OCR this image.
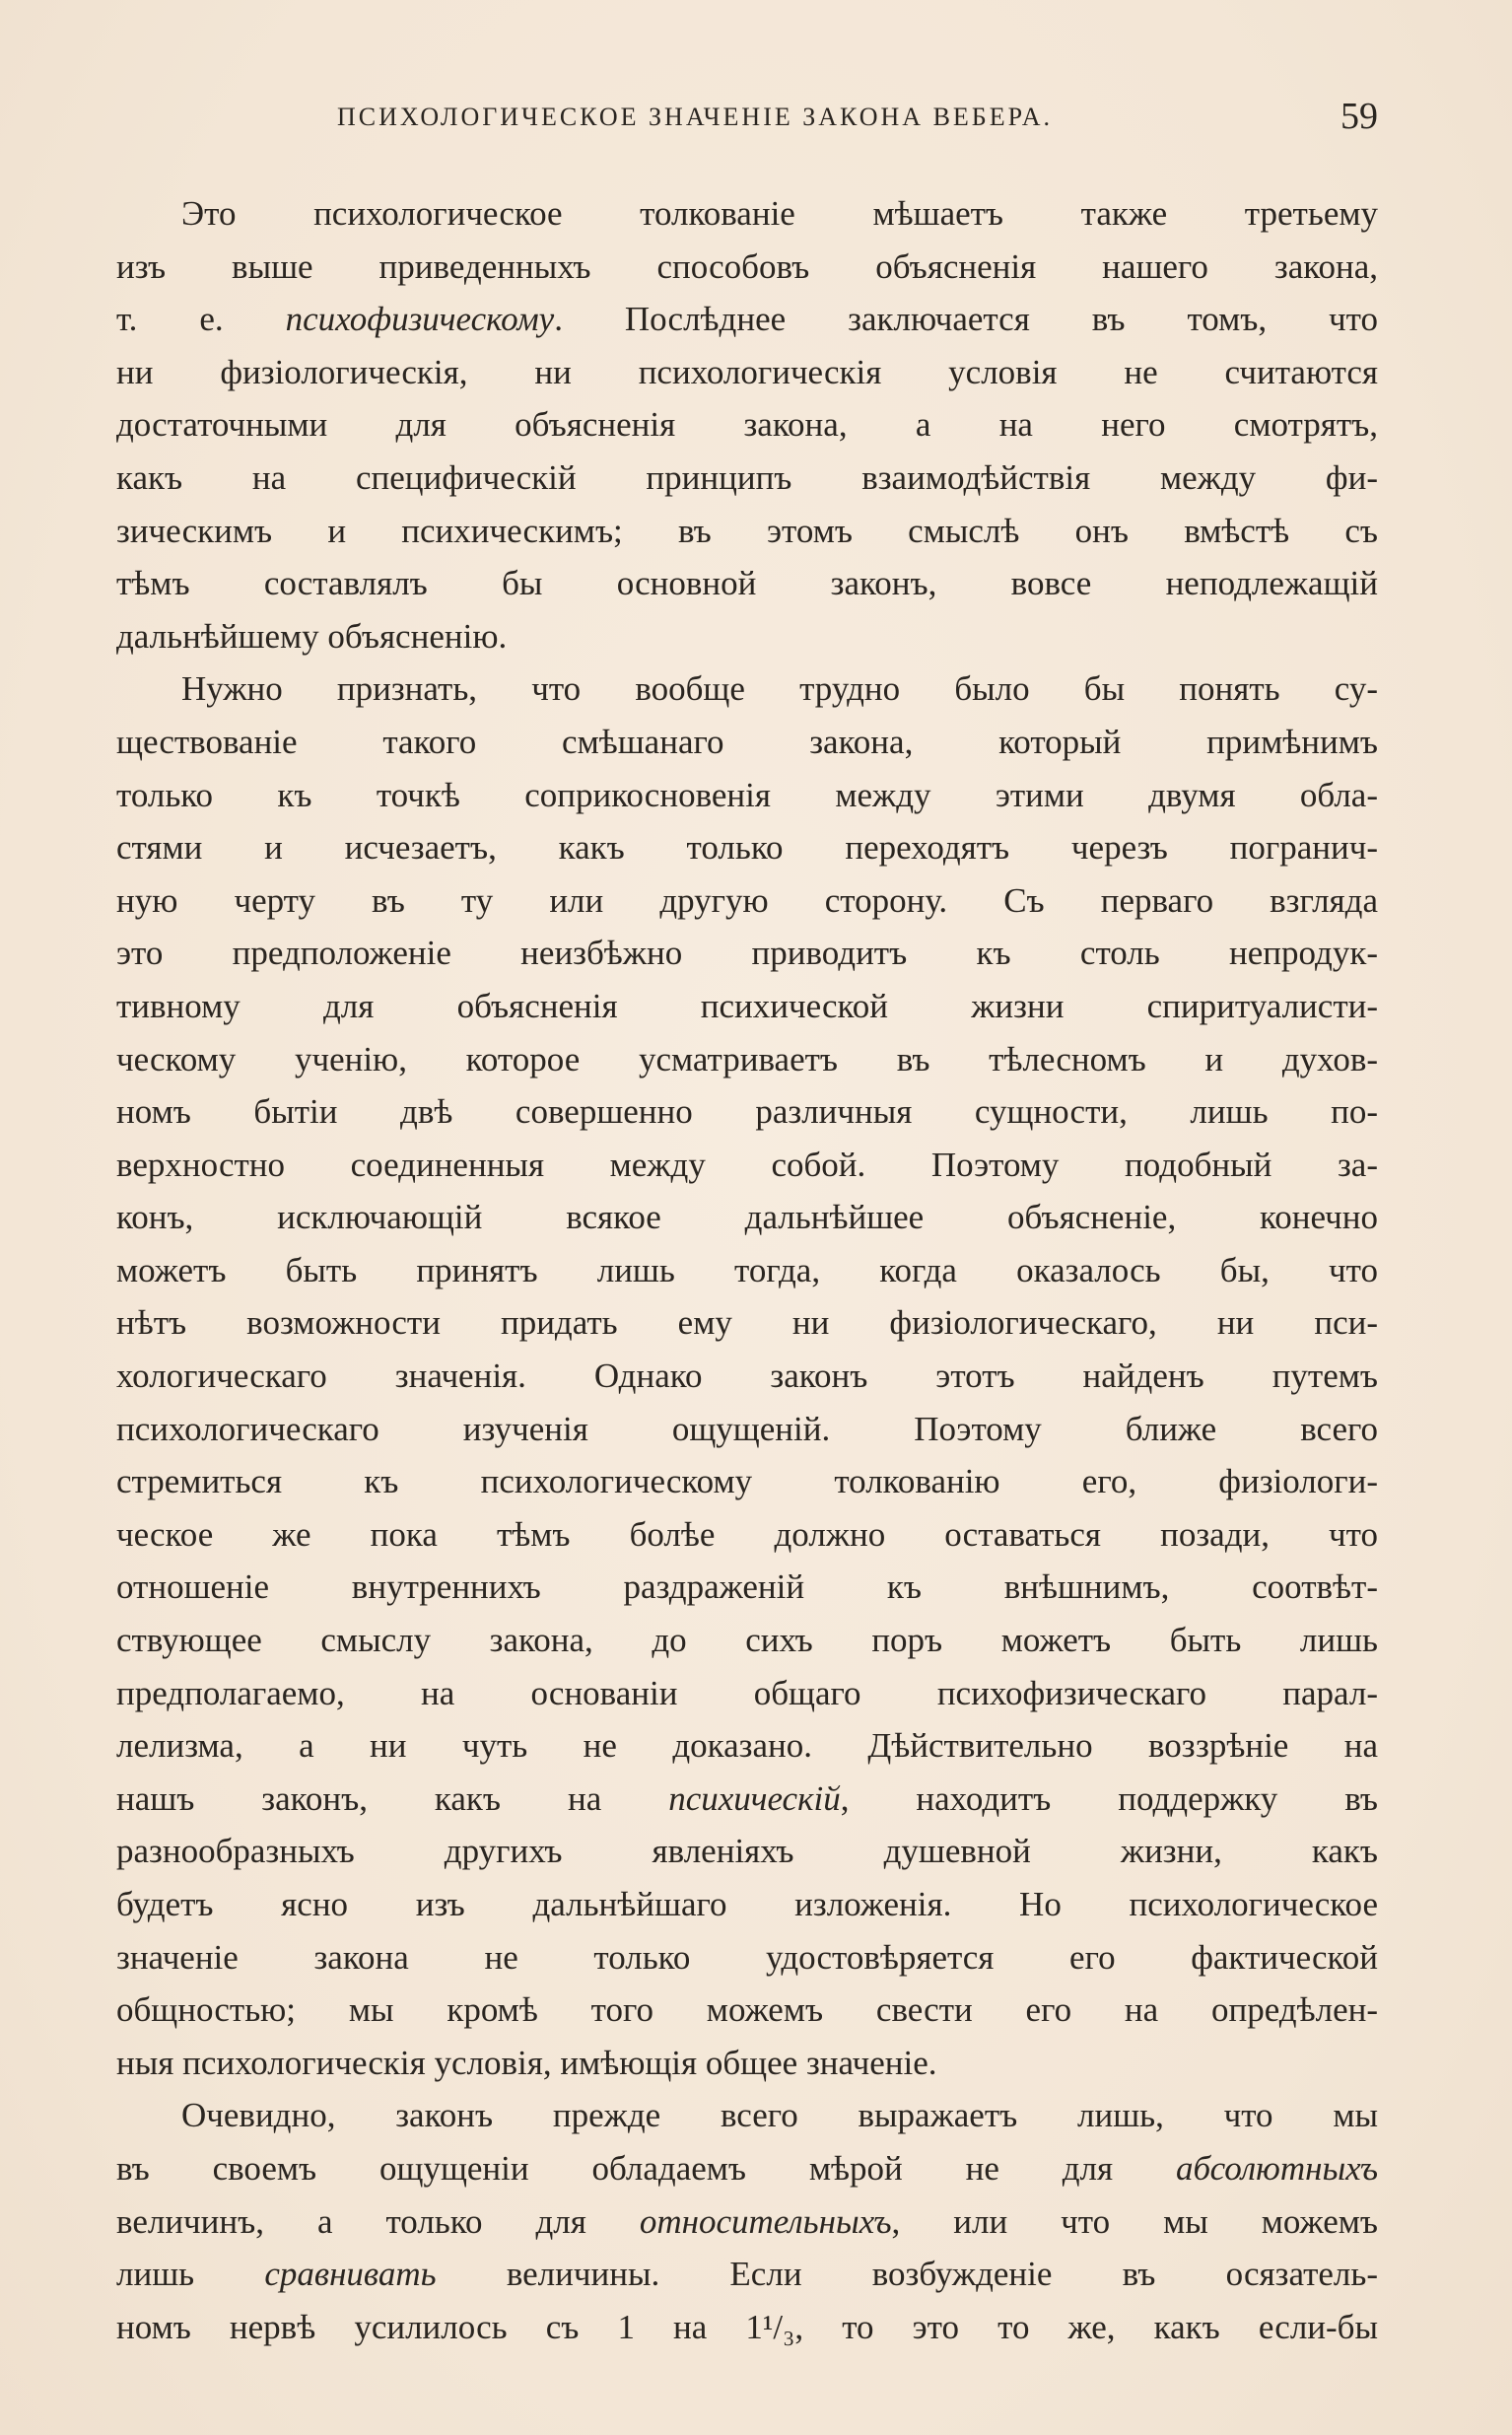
ПСИХОЛОГИЧЕСКОЕ ЗНАЧЕНІЕ ЗАКОНА ВЕБЕРА.	59
Это психологическое толкованіе мѣшаетъ также третьему
изъ выше приведенныхъ способовъ объясненія нашего закона,
т. е. психофизическому. Послѣднее заключается въ томъ, что
ни физіологическія, ни психологическія условія не считаются
достаточными для объясненія закона, а на него смотрятъ,
какъ на специфическій принципъ взаимодѣйствія между фи-
зическимъ и психическимъ; въ этомъ смыслѣ онъ вмѣстѣ съ
тѣмъ составлялъ бы основной законъ, вовсе неподлежащій
дальнѣйшему объясненію.
Нужно признать, что вообще трудно было бы понять су-
ществованіе такого смѣшанаго закона, который примѣнимъ
только къ точкѣ соприкосновенія между этими двумя обла-
стями и исчезаетъ, какъ только переходятъ черезъ погранич-
ную черту въ ту или другую сторону. Съ перваго взгляда
это предположеніе неизбѣжно приводитъ къ столь непродук-
тивному для объясненія психической жизни спиритуалисти-
ческому ученію, которое усматриваетъ въ тѣлесномъ и духов-
номъ бытіи двѣ совершенно различныя сущности, лишь по-
верхностно соединенныя между собой. Поэтому подобный за-
конъ, исключающій всякое дальнѣйшее объясненіе, конечно
можетъ быть принятъ лишь тогда, когда оказалось бы, что
нѣтъ возможности придать ему ни физіологическаго, ни пси-
хологическаго значенія. Однако законъ этотъ найденъ путемъ
психологическаго изученія ощущеній. Поэтому ближе всего
стремиться къ психологическому толкованію его, физіологи-
ческое же пока тѣмъ болѣе должно оставаться позади, что
отношеніе внутреннихъ раздраженій къ внѣшнимъ, соотвѣт-
ствующее смыслу закона, до сихъ поръ можетъ быть лишь
предполагаемо, на основаніи общаго психофизическаго парал-
лелизма, а ни чуть не доказано. Дѣйствительно воззрѣніе на
нашъ законъ, какъ на психическій, находитъ поддержку въ
разнообразныхъ другихъ явленіяхъ душевной жизни, какъ
будетъ ясно изъ дальнѣйшаго изложенія. Но психологическое
значеніе закона не только удостовѣряется его фактической
общностью; мы кромѣ того можемъ свести его на опредѣлен-
ныя психологическія условія, имѣющія общее значеніе.
Очевидно, законъ прежде всего выражаетъ лишь, что мы
въ своемъ ощущеніи обладаемъ мѣрой не для абсолютныхъ
величинъ, а только для относительныхъ, или что мы можемъ
лишь сравнивать величины. Если возбужденіе въ осязатель-
номъ нервѣ усилилось съ 1 на 1¹/₃, то это то же, какъ если-бы
